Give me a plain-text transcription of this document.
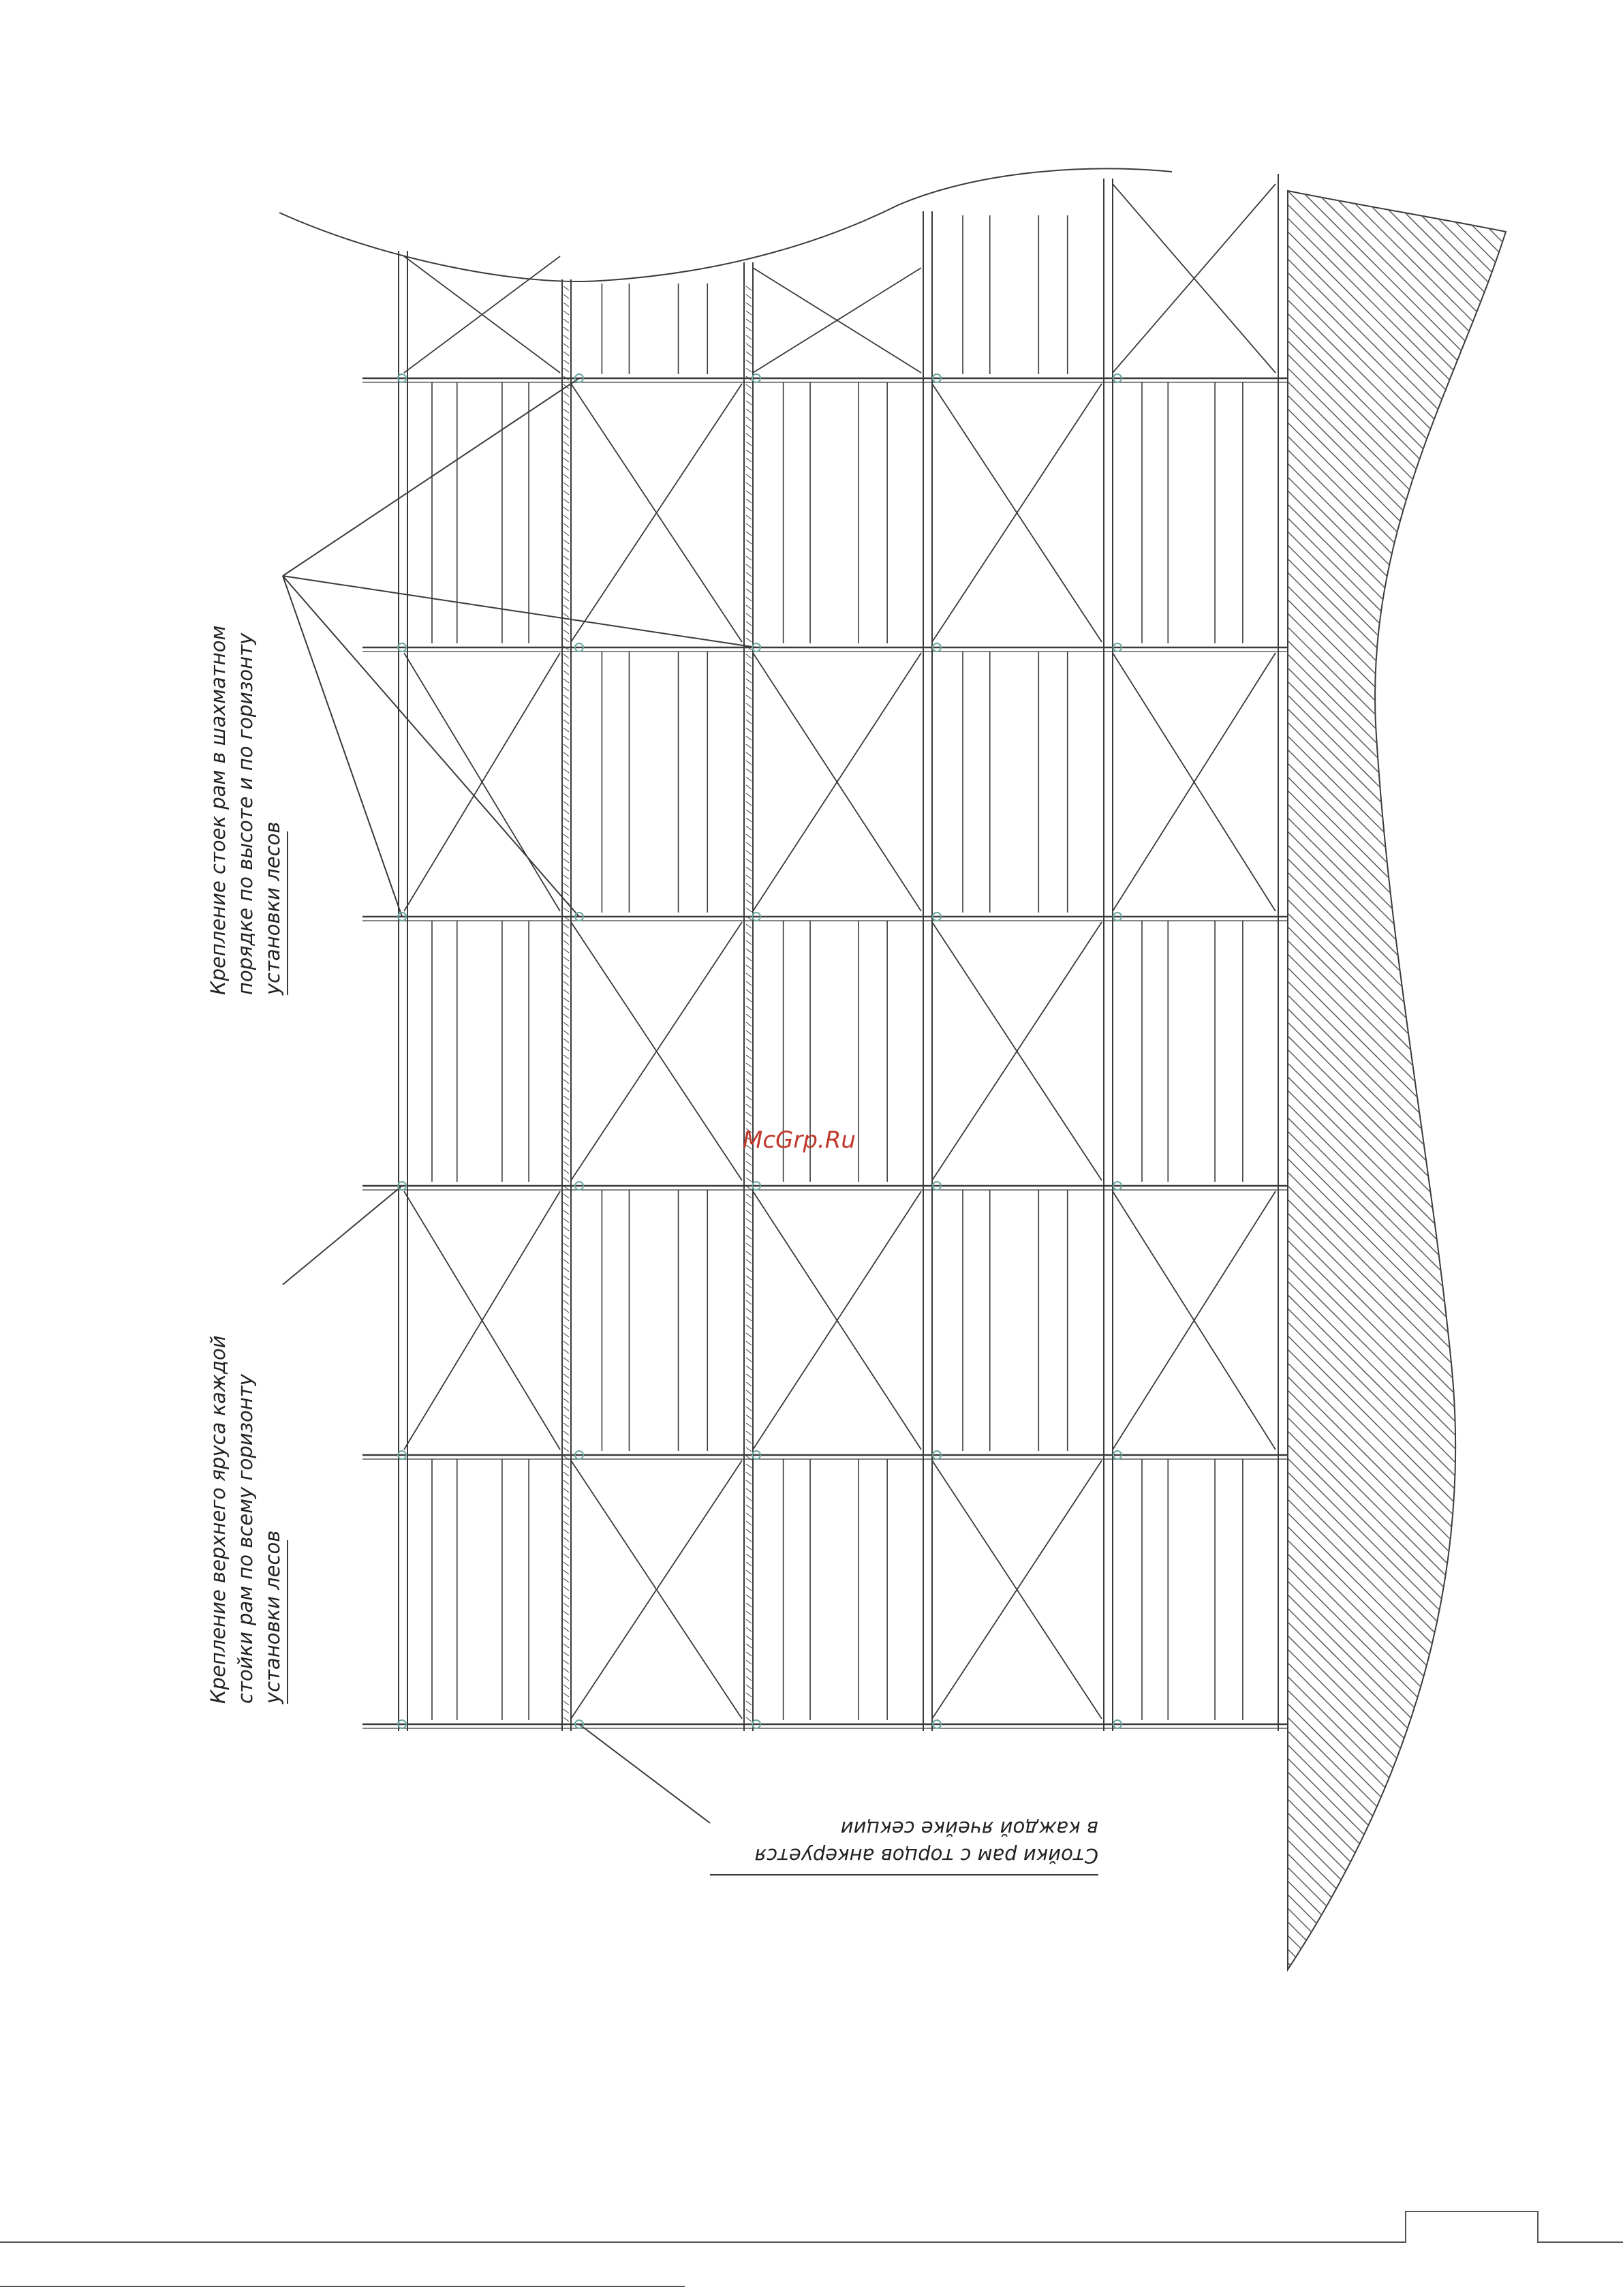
Крепление стоек рам в шахматном порядке по высоте и по горизонту установки лесов
Крепление верхнего яруса каждой стойки рам по всему горизонту установки лесов
Стойки рам с торцов анкеруется
в каждой ячейке секции
McGrp.Ru
